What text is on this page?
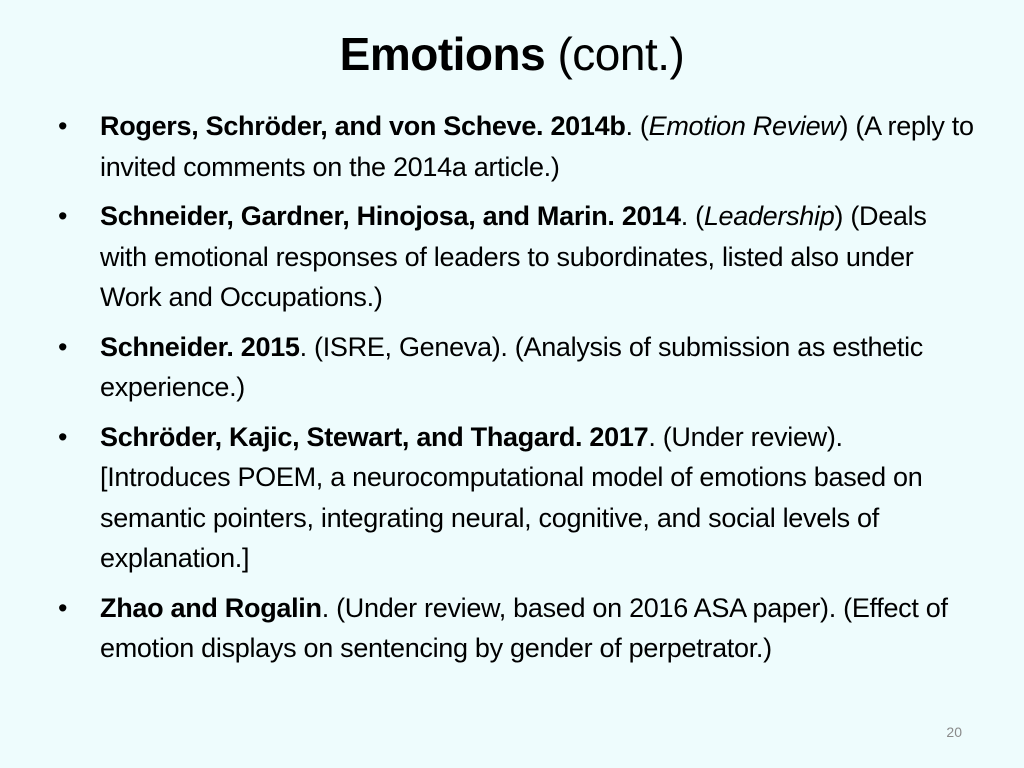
Emotions (cont.)
•	Rogers, Schröder, and von Scheve. 2014b. (Emotion Review) (A reply to invited comments on the 2014a article.)
•	Schneider, Gardner, Hinojosa, and Marin. 2014. (Leadership) (Deals with emotional responses of leaders to subordinates, listed also under Work and Occupations.)
•	Schneider. 2015. (ISRE, Geneva). (Analysis of submission as esthetic experience.)
•	Schröder, Kajic, Stewart, and Thagard. 2017. (Under review). [Introduces POEM, a neurocomputational model of emotions based on semantic pointers, integrating neural, cognitive, and social levels of explanation.]
•	Zhao and Rogalin. (Under review, based on 2016 ASA paper). (Effect of emotion displays on sentencing by gender of perpetrator.)
20
